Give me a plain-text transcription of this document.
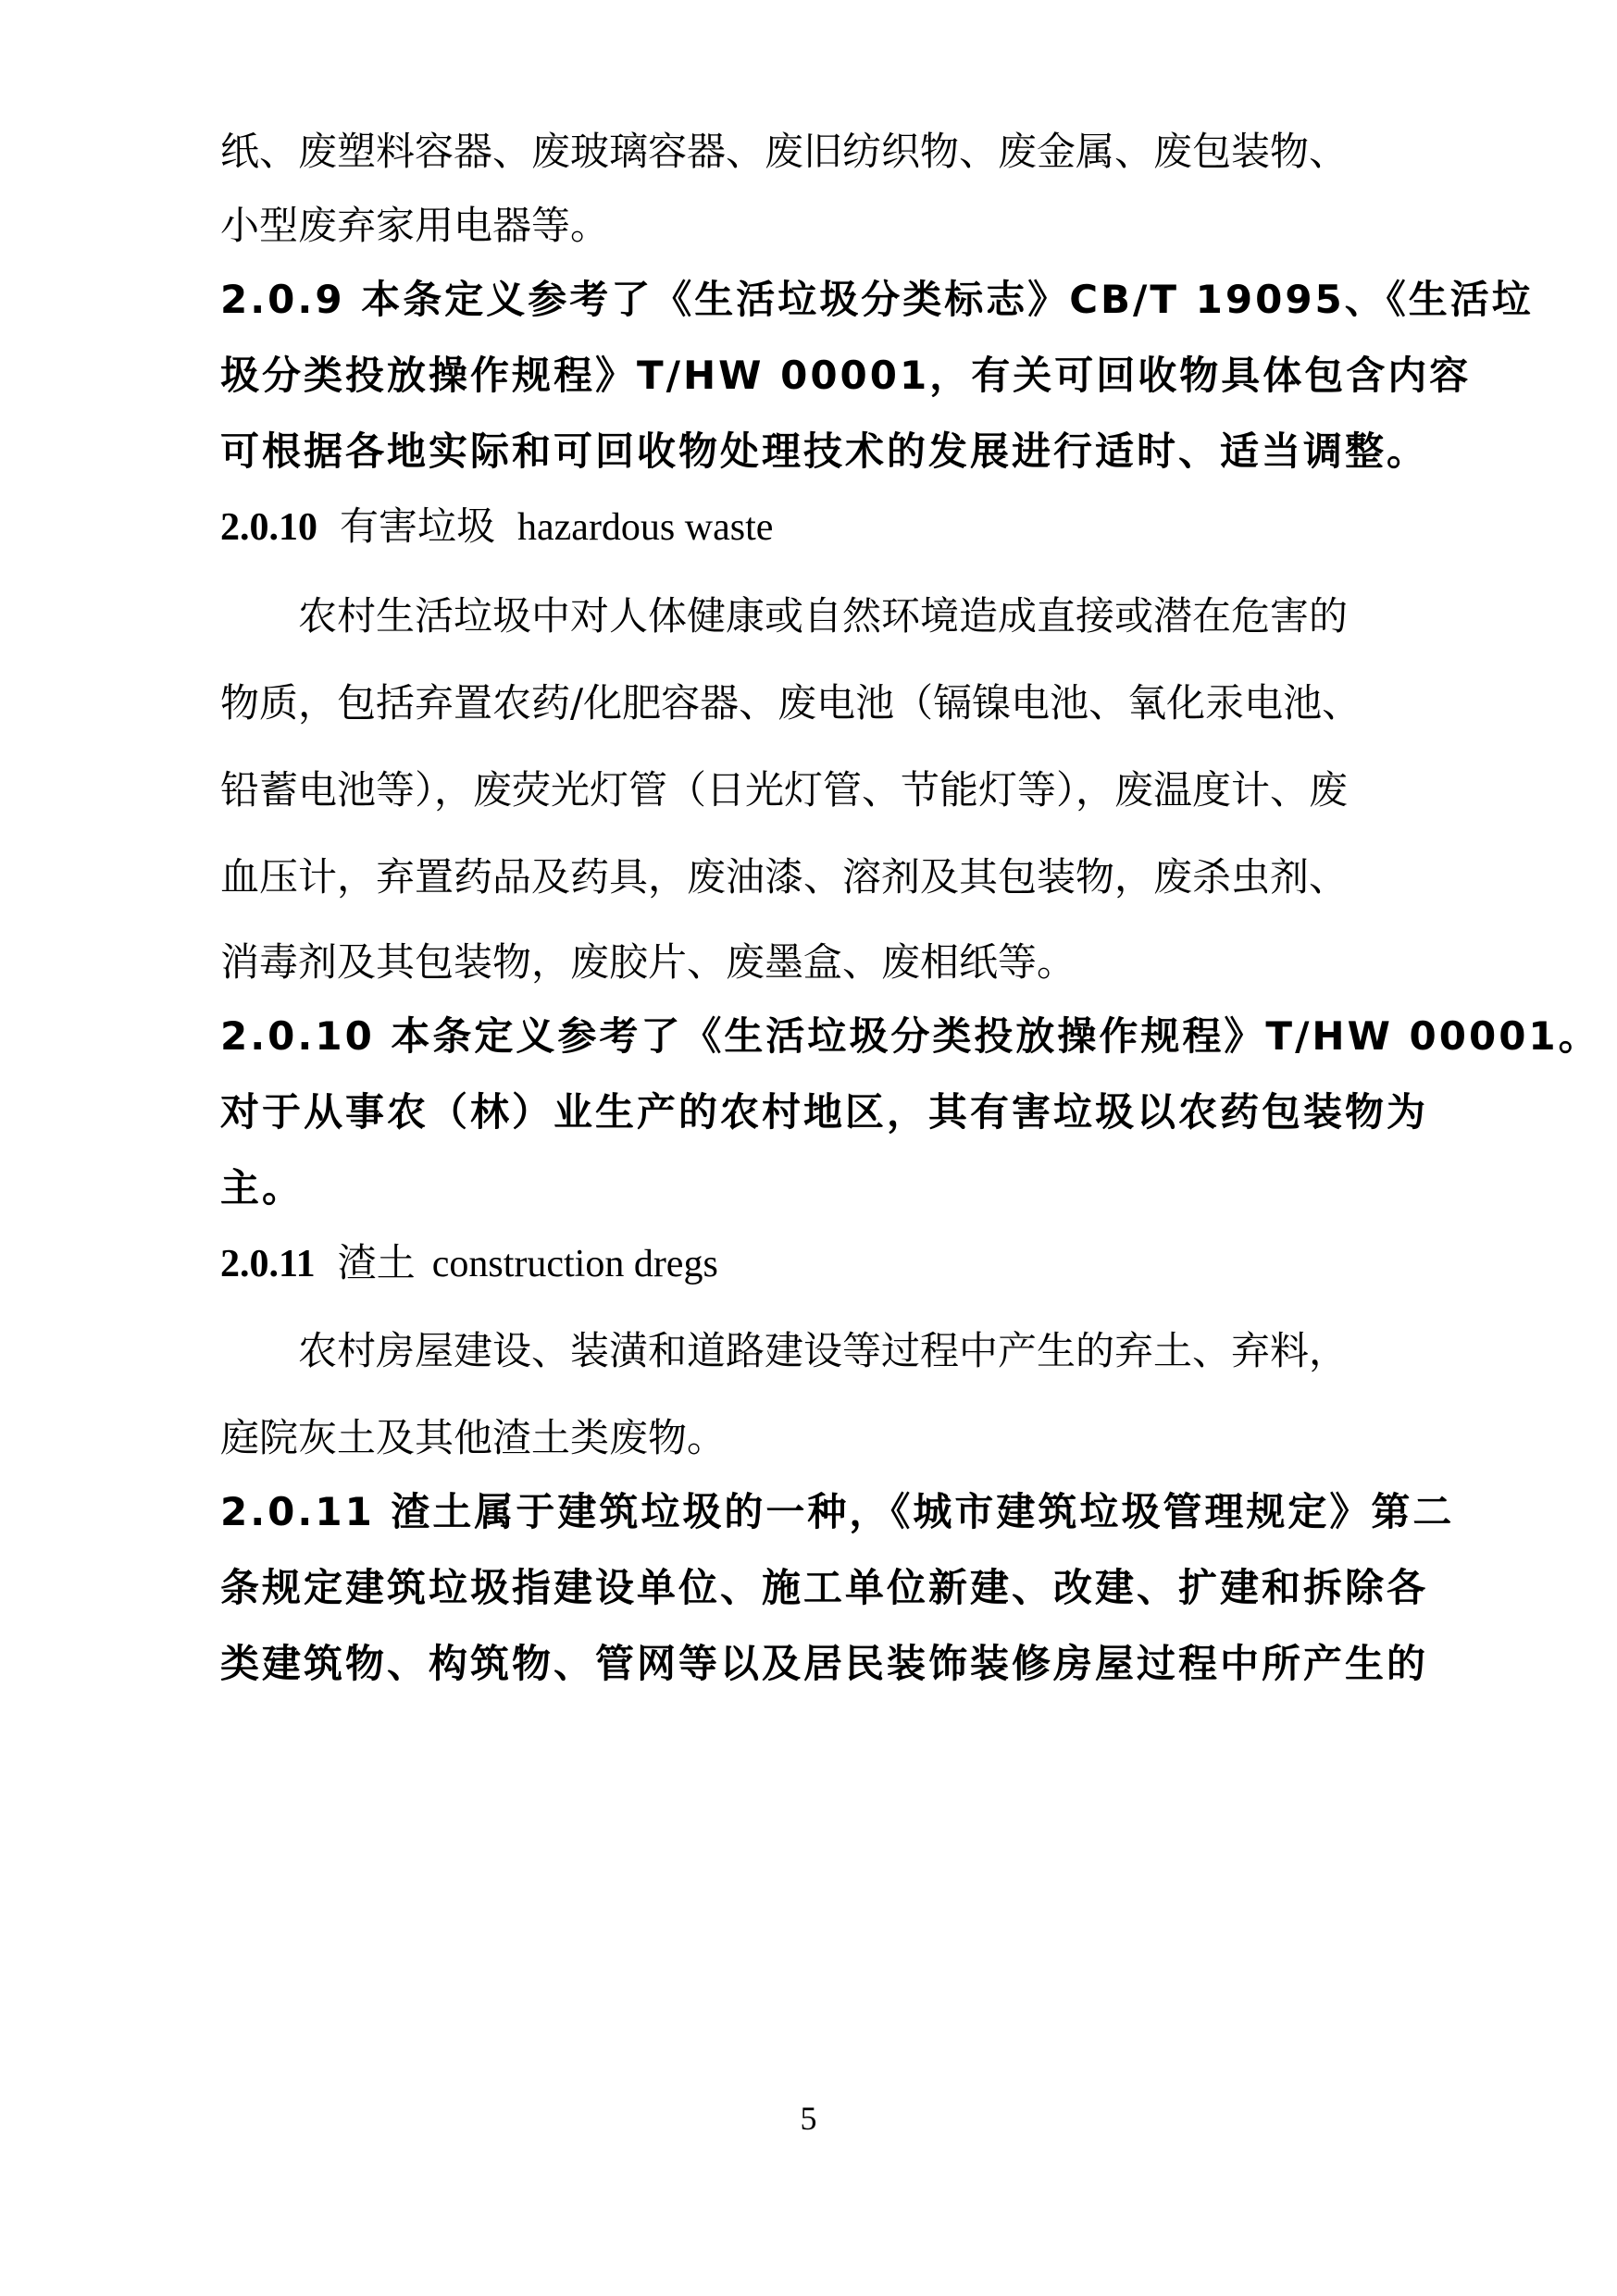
纸、废塑料容器、废玻璃容器、废旧纺织物、废金属、废包装物、

小型废弃家用电器等。

2.0.9 本条定义参考了《生活垃圾分类标志》CB/T 19095、《生活垃

圾分类投放操作规程》T/HW 00001，有关可回收物具体包含内容

可根据各地实际和可回收物处理技术的发展进行适时、适当调整。

2.0.10 有害垃圾 hazardous waste

农村生活垃圾中对人体健康或自然环境造成直接或潜在危害的

物质，包括弃置农药/化肥容器、废电池（镉镍电池、氧化汞电池、

铅蓄电池等），废荧光灯管（日光灯管、节能灯等），废温度计、废

血压计，弃置药品及药具，废油漆、溶剂及其包装物，废杀虫剂、

消毒剂及其包装物，废胶片、废墨盒、废相纸等。

2.0.10 本条定义参考了《生活垃圾分类投放操作规程》T/HW 00001。

对于从事农（林）业生产的农村地区，其有害垃圾以农药包装物为

主。

2.0.11 渣土 construction dregs

农村房屋建设、装潢和道路建设等过程中产生的弃土、弃料，

庭院灰土及其他渣土类废物。

2.0.11 渣土属于建筑垃圾的一种，《城市建筑垃圾管理规定》第二

条规定建筑垃圾指建设单位、施工单位新建、改建、扩建和拆除各

类建筑物、构筑物、管网等以及居民装饰装修房屋过程中所产生的

5
